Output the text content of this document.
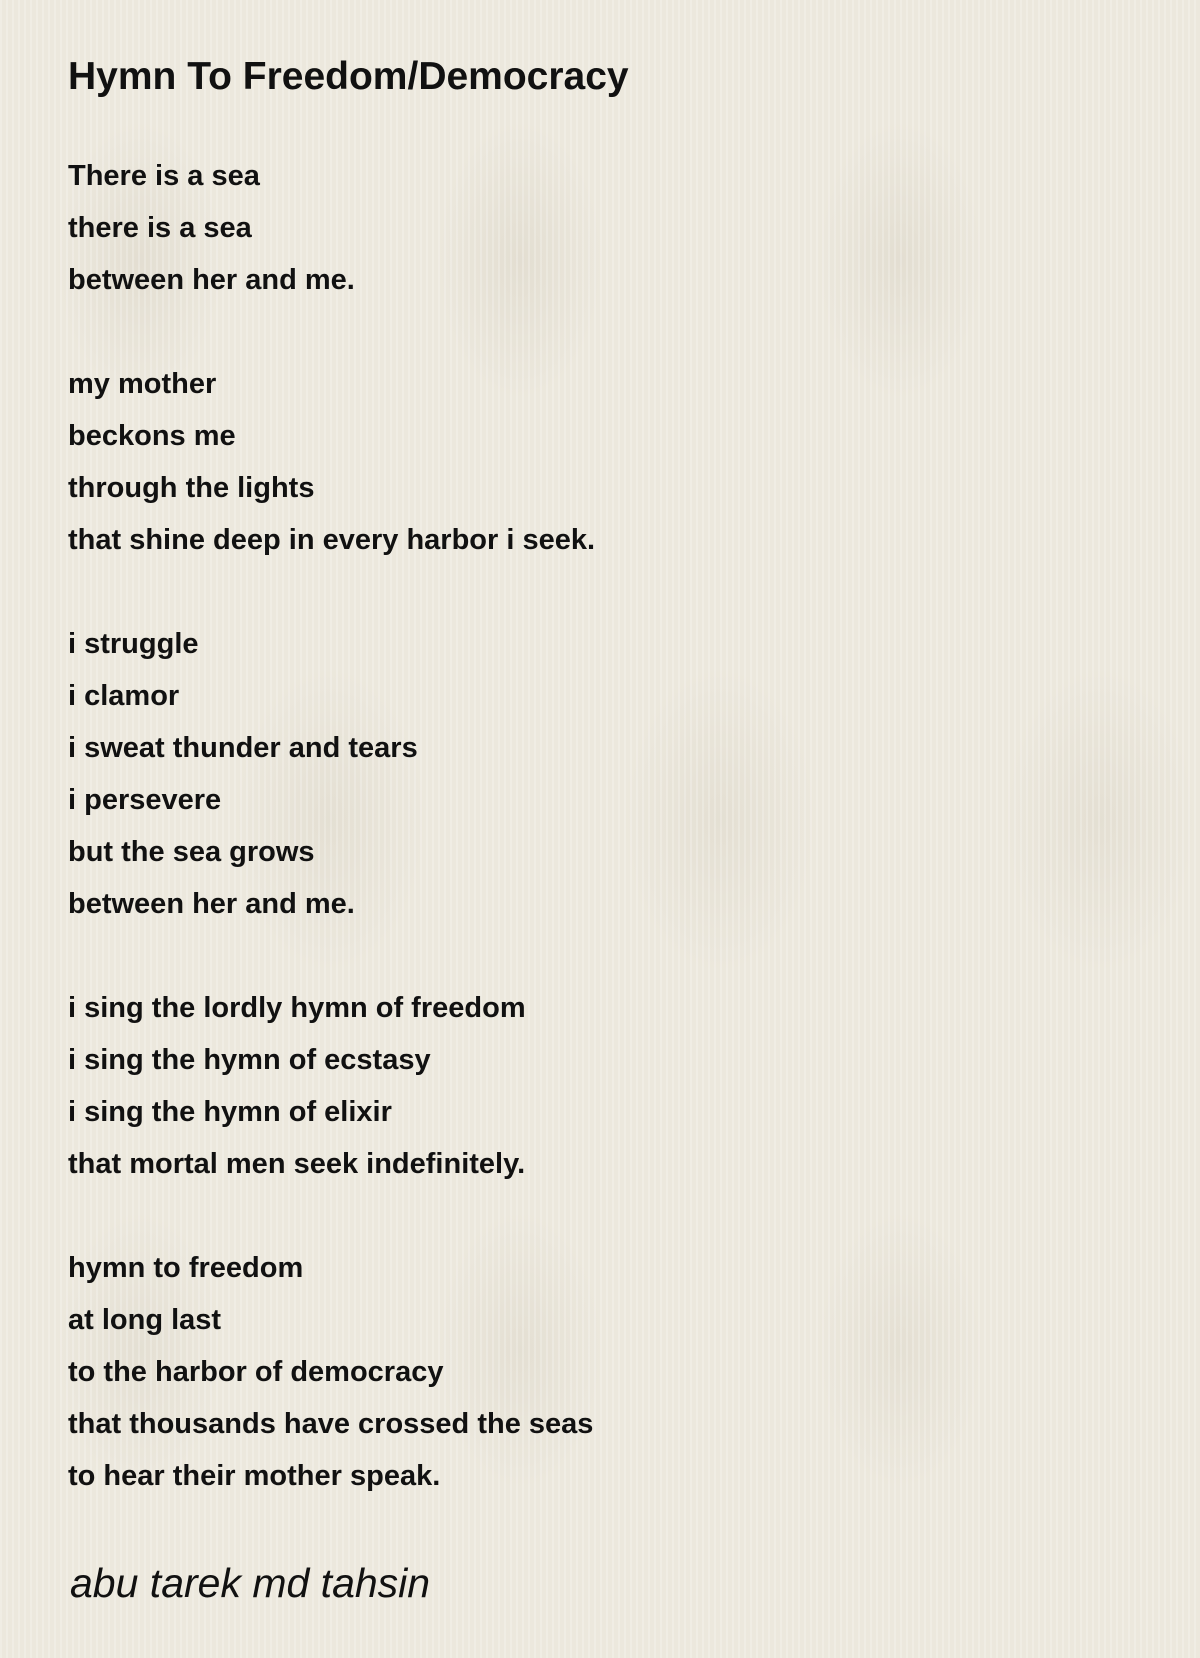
Hymn To Freedom/Democracy
There is a sea
there is a sea
between her and me.
my mother
beckons me
through the lights
that shine deep in every harbor i seek.
i struggle
i clamor
i sweat thunder and tears
i persevere
but the sea grows
between her and me.
i sing the lordly hymn of freedom
i sing the hymn of ecstasy
i sing the hymn of elixir
that mortal men seek indefinitely.
hymn to freedom
at long last
to the harbor of democracy
that thousands have crossed the seas
to hear their mother speak.

abu tarek md tahsin
